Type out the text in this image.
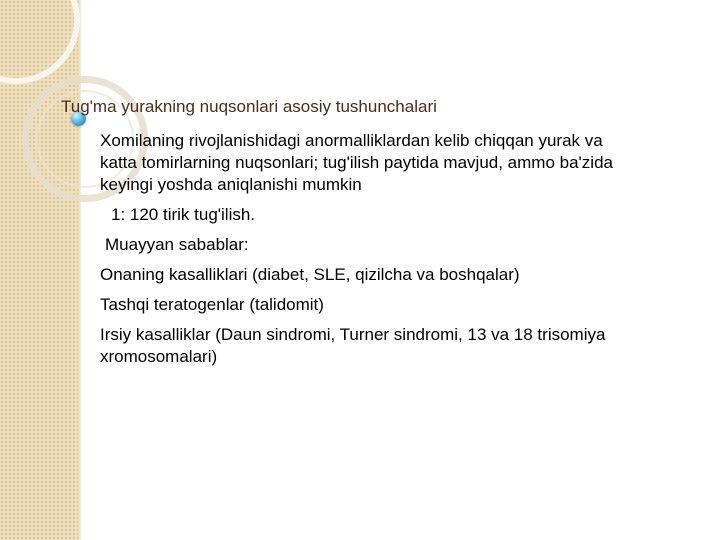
Tug'ma yurakning nuqsonlari asosiy tushunchalari

Xomilaning rivojlanishidagi anormalliklardan kelib chiqqan yurak va katta tomirlarning nuqsonlari; tug'ilish paytida mavjud, ammo ba'zida keyingi yoshda aniqlanishi mumkin

1: 120 tirik tug'ilish.

Muayyan sabablar:

Onaning kasalliklari (diabet, SLE, qizilcha va boshqalar)

Tashqi teratogenlar (talidomit)

Irsiy kasalliklar (Daun sindromi, Turner sindromi, 13 va 18 trisomiya xromosomalari)
